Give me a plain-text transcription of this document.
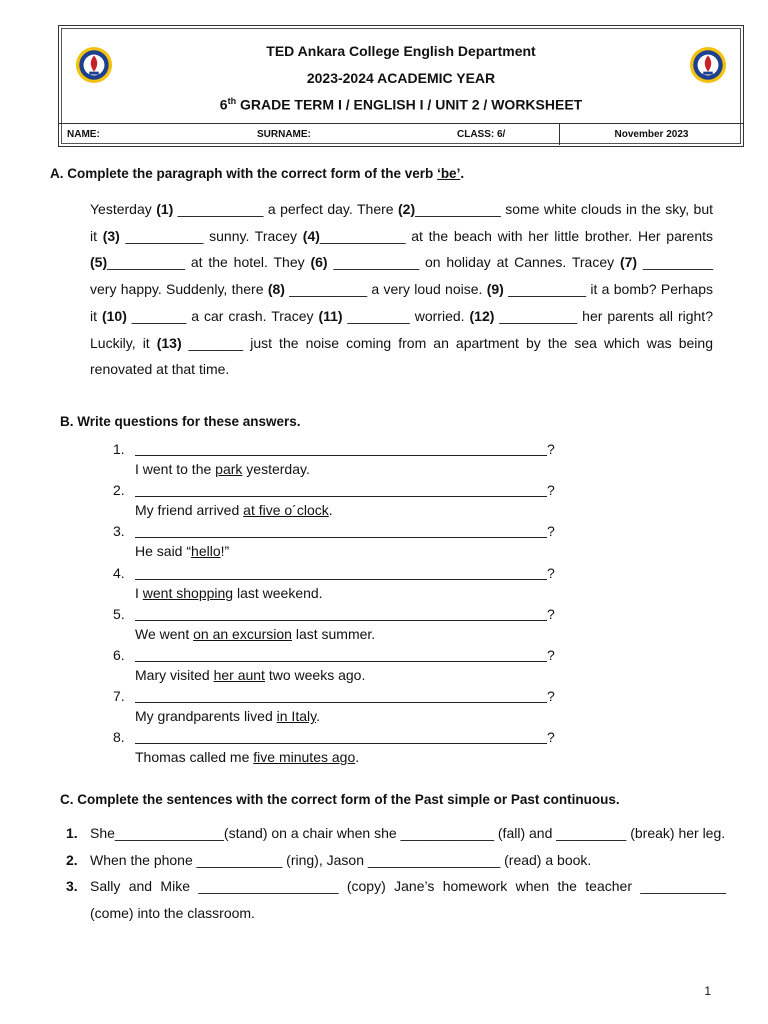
TED Ankara College English Department
2023-2024 ACADEMIC YEAR
6th GRADE TERM I / ENGLISH I / UNIT 2 / WORKSHEET
NAME:	SURNAME:	CLASS: 6/	November 2023
A. Complete the paragraph with the correct form of the verb ‘be’.
Yesterday (1) ___________ a perfect day. There (2)___________ some white clouds in the sky, but it (3) __________ sunny. Tracey (4)___________ at the beach with her little brother. Her parents (5)__________ at the hotel. They (6) ___________ on holiday at Cannes. Tracey (7) _________ very happy. Suddenly, there (8) __________ a very loud noise. (9) __________ it a bomb? Perhaps it (10) _______ a car crash. Tracey (11) ________ worried. (12) __________ her parents all right? Luckily, it (13) _______ just the noise coming from an apartment by the sea which was being renovated at that time.
B. Write questions for these answers.
1.	?
I went to the park yesterday.
2.	?
My friend arrived at five o´clock.
3.	?
He said “hello!”
4.	?
I went shopping last weekend.
5.	?
We went on an excursion last summer.
6.	?
Mary visited her aunt two weeks ago.
7.	?
My grandparents lived in Italy.
8.	?
Thomas called me five minutes ago.
C. Complete the sentences with the correct form of the Past simple or Past continuous.
1. She______________(stand) on a chair when she ____________ (fall) and _________ (break) her leg.
2. When the phone ___________ (ring), Jason _________________ (read) a book.
3. Sally and Mike __________________ (copy) Jane’s homework when the teacher ___________ (come) into the classroom.
1
